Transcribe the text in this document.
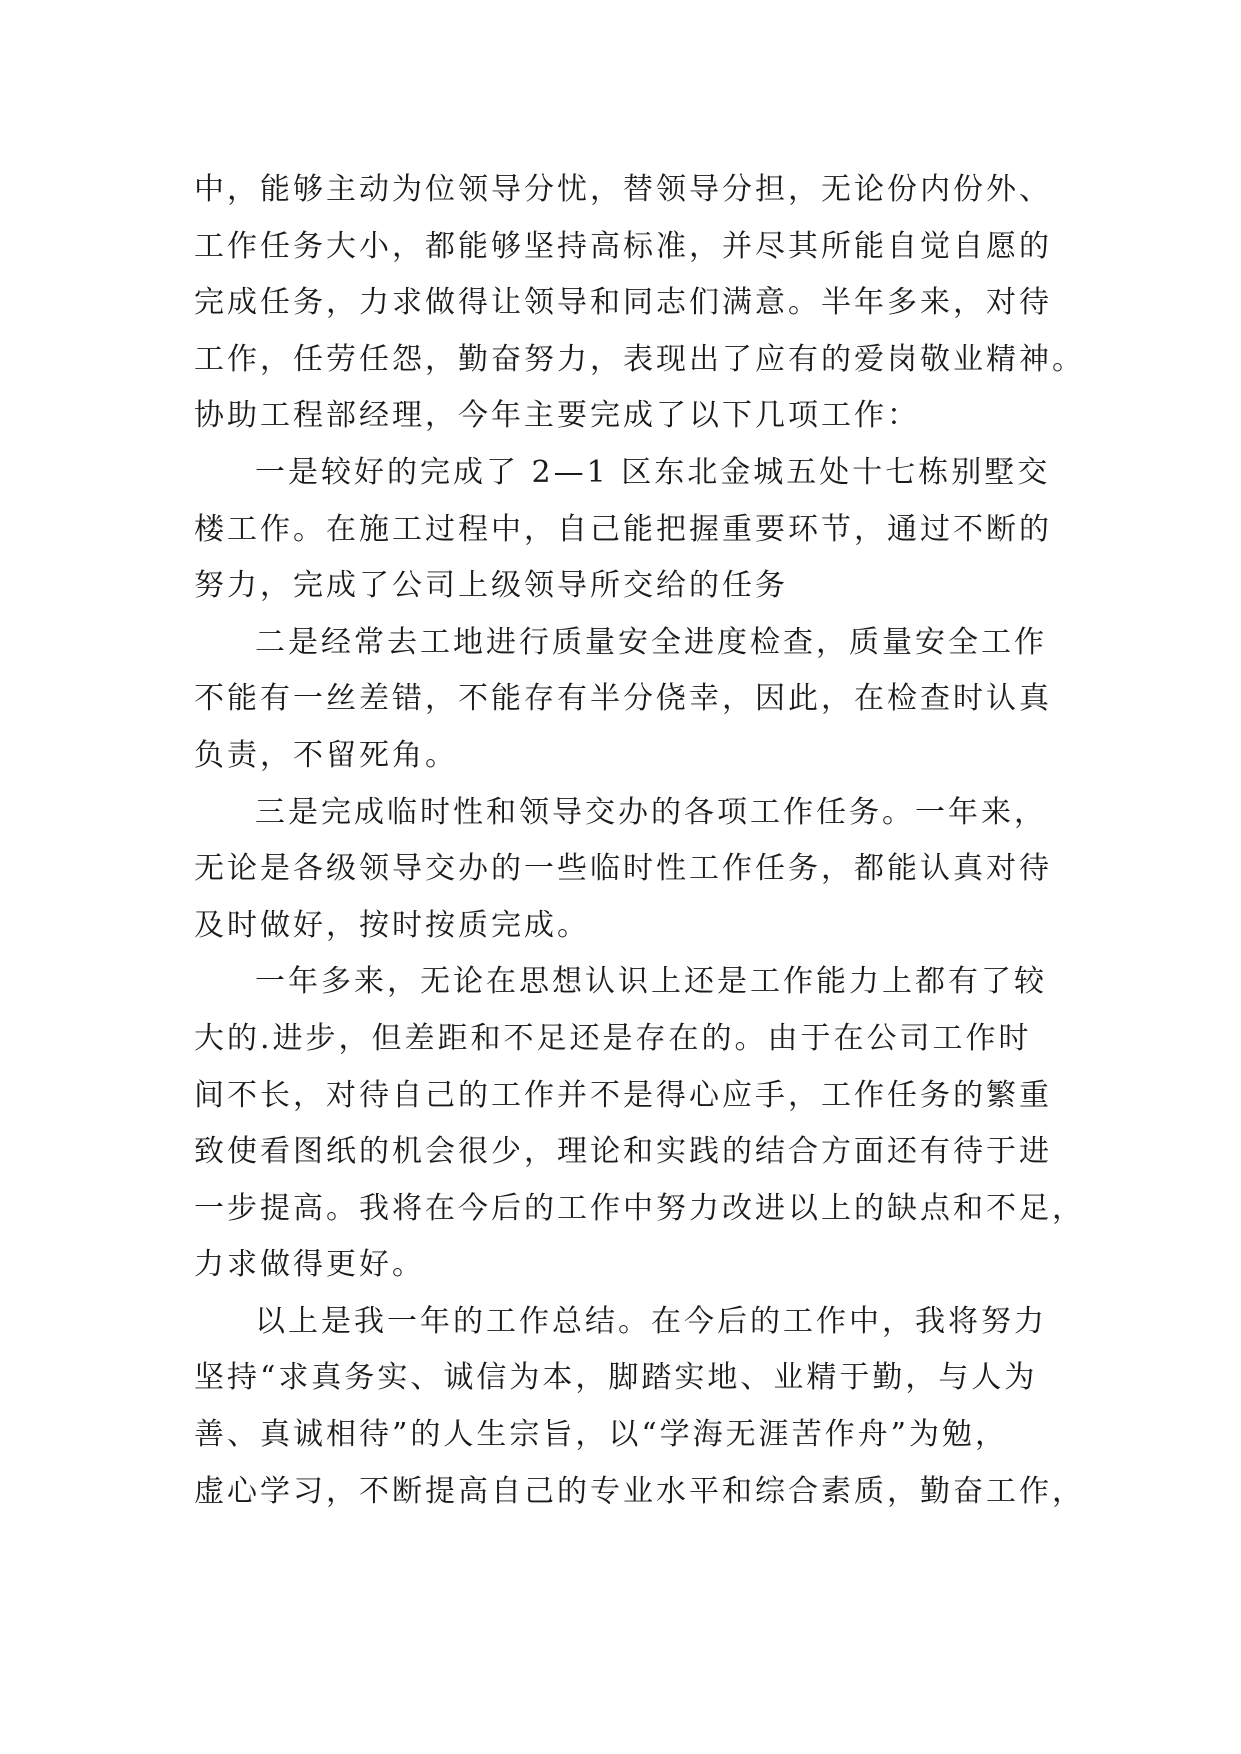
中，能够主动为位领导分忧，替领导分担，无论份内份外、
工作任务大小，都能够坚持高标准，并尽其所能自觉自愿的
完成任务，力求做得让领导和同志们满意。半年多来，对待
工作，任劳任怨，勤奋努力，表现出了应有的爱岗敬业精神。
协助工程部经理，今年主要完成了以下几项工作：
一是较好的完成了 2—1 区东北金城五处十七栋别墅交
楼工作。在施工过程中，自己能把握重要环节，通过不断的
努力，完成了公司上级领导所交给的任务
二是经常去工地进行质量安全进度检查，质量安全工作
不能有一丝差错，不能存有半分侥幸，因此，在检查时认真
负责，不留死角。
三是完成临时性和领导交办的各项工作任务。一年来，
无论是各级领导交办的一些临时性工作任务，都能认真对待
及时做好，按时按质完成。
一年多来，无论在思想认识上还是工作能力上都有了较
大的.进步，但差距和不足还是存在的。由于在公司工作时
间不长，对待自己的工作并不是得心应手，工作任务的繁重
致使看图纸的机会很少，理论和实践的结合方面还有待于进
一步提高。我将在今后的工作中努力改进以上的缺点和不足，
力求做得更好。
以上是我一年的工作总结。在今后的工作中，我将努力
坚持“求真务实、诚信为本，脚踏实地、业精于勤，与人为
善、真诚相待”的人生宗旨，以“学海无涯苦作舟”为勉，
虚心学习，不断提高自己的专业水平和综合素质，勤奋工作，
